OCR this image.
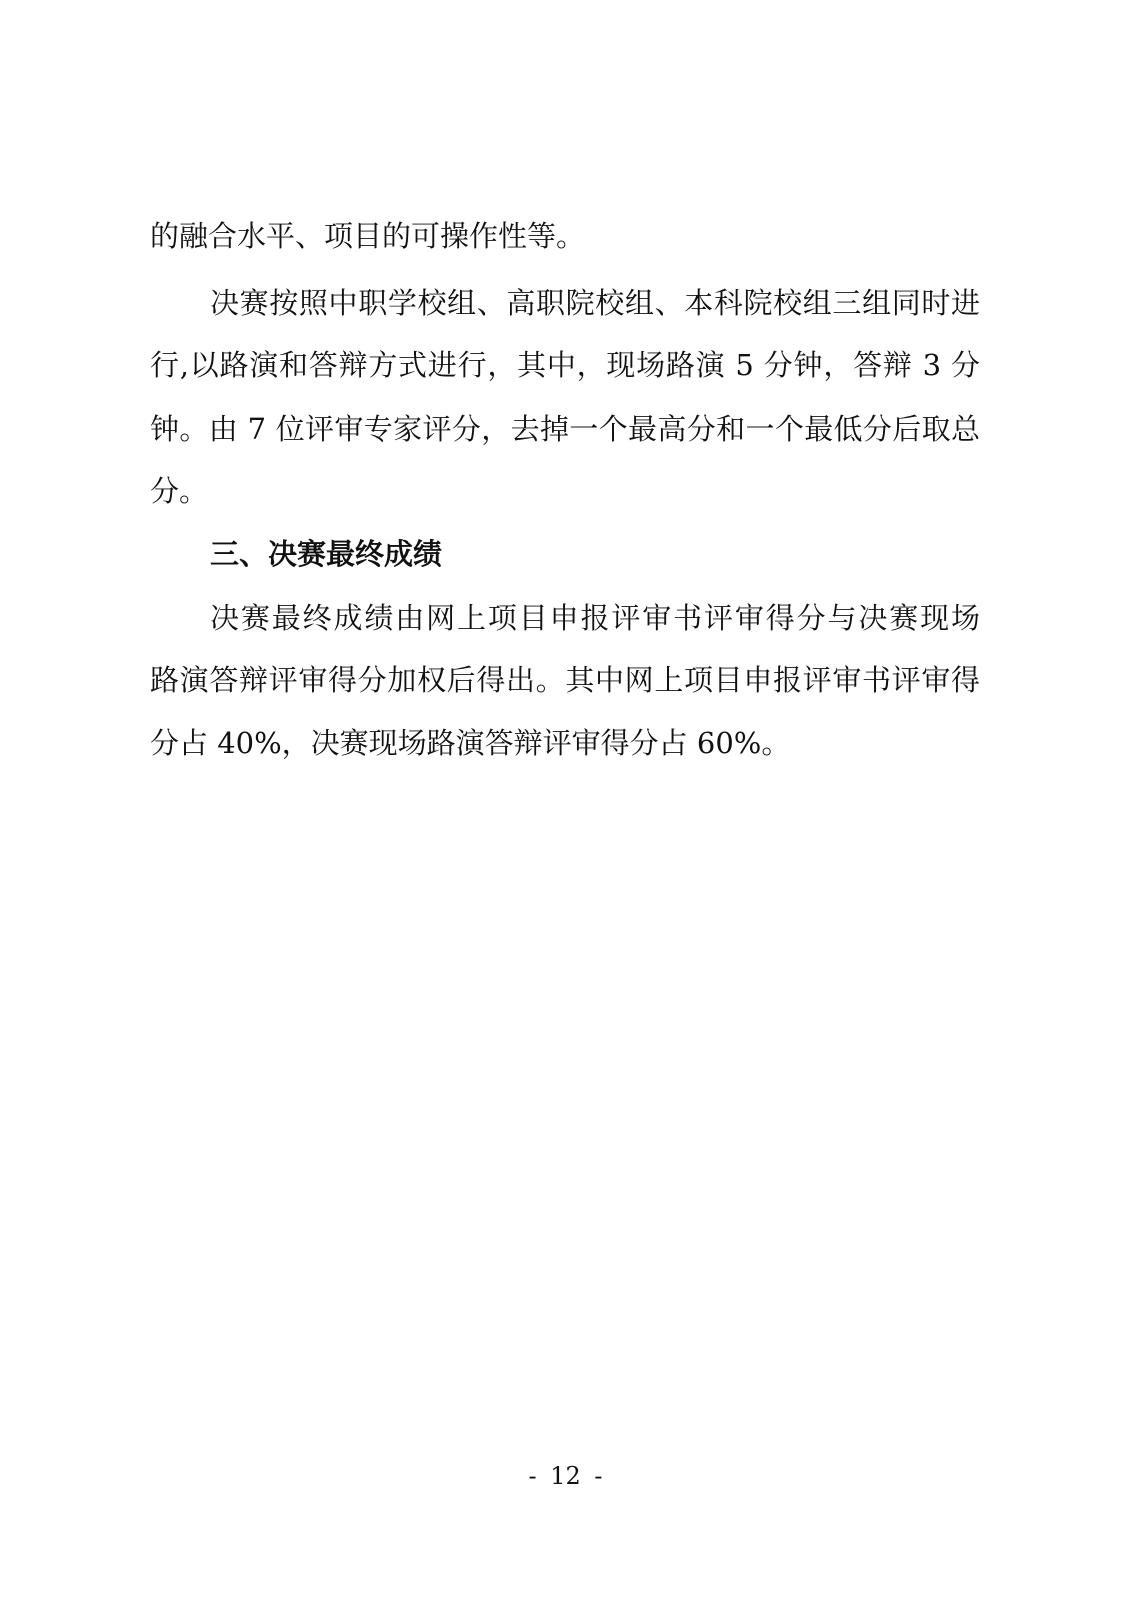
的融合水平、项目的可操作性等。
决赛按照中职学校组、高职院校组、本科院校组三组同时进
行,以路演和答辩方式进行，其中，现场路演 5 分钟，答辩 3 分
钟。由 7 位评审专家评分，去掉一个最高分和一个最低分后取总
分。
三、决赛最终成绩
决赛最终成绩由网上项目申报评审书评审得分与决赛现场
路演答辩评审得分加权后得出。其中网上项目申报评审书评审得
分占 40%，决赛现场路演答辩评审得分占 60%。
- 12 -
